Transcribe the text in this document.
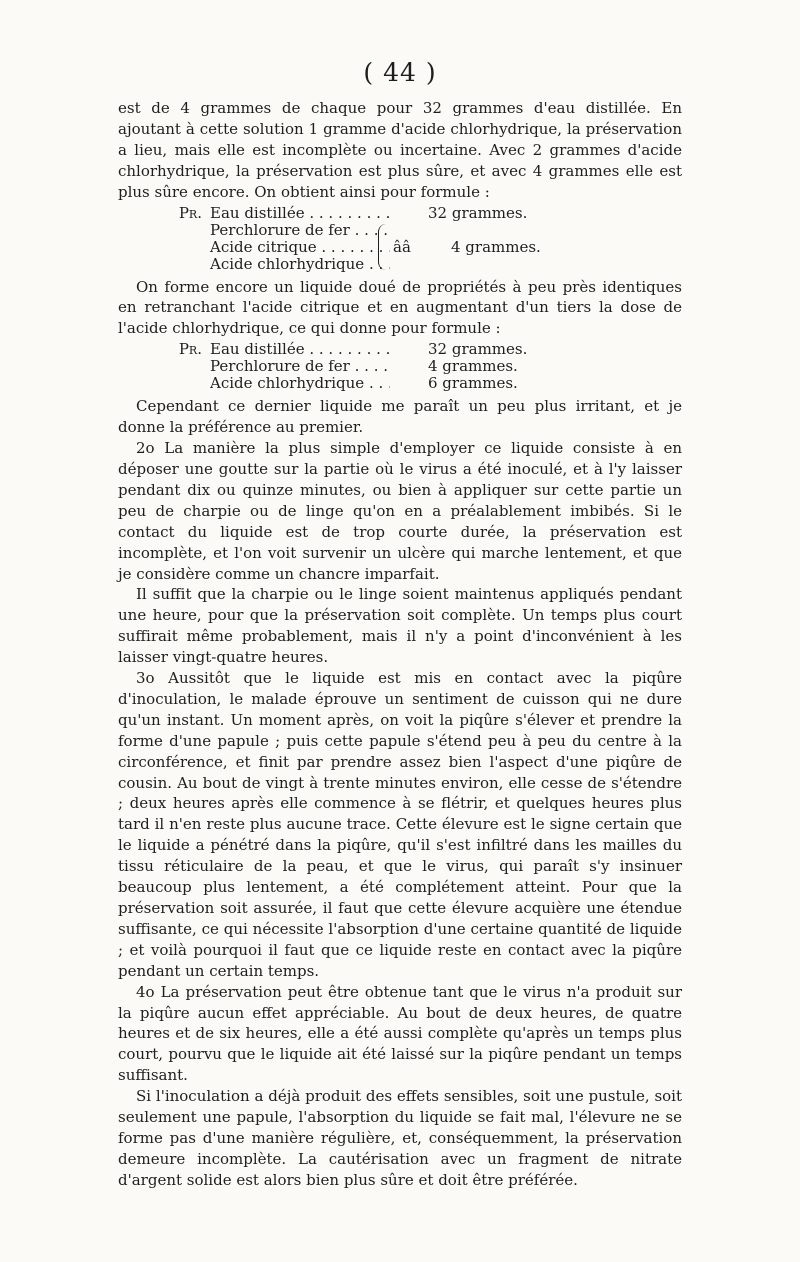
( 44 )

est de 4 grammes de chaque pour 32 grammes d'eau distillée. En ajoutant à cette solution 1 gramme d'acide chlorhydrique, la préservation a lieu, mais elle est incomplète ou incertaine. Avec 2 grammes d'acide chlorhydrique, la préservation est plus sûre, et avec 4 grammes elle est plus sûre encore. On obtient ainsi pour formule :

Pr. Eau distillée . . .	32 grammes.
Perchlorure de fer . . .
Acide citrique . . .
Acide chlorhydrique . . .
ââ	4 grammes.

On forme encore un liquide doué de propriétés à peu près identiques en retranchant l'acide citrique et en augmentant d'un tiers la dose de l'acide chlorhydrique, ce qui donne pour formule :

Pr. Eau distillée . . .	32 grammes.
Perchlorure de fer . . .	4 grammes.
Acide chlorhydrique . . .	6 grammes.

Cependant ce dernier liquide me paraît un peu plus irritant, et je donne la préférence au premier.

2o La manière la plus simple d'employer ce liquide consiste à en déposer une goutte sur la partie où le virus a été inoculé, et à l'y laisser pendant dix ou quinze minutes, ou bien à appliquer sur cette partie un peu de charpie ou de linge qu'on en a préalablement imbibés. Si le contact du liquide est de trop courte durée, la préservation est incomplète, et l'on voit survenir un ulcère qui marche lentement, et que je considère comme un chancre imparfait.

Il suffit que la charpie ou le linge soient maintenus appliqués pendant une heure, pour que la préservation soit complète. Un temps plus court suffirait même probablement, mais il n'y a point d'inconvénient à les laisser vingt-quatre heures.

3o Aussitôt que le liquide est mis en contact avec la piqûre d'inoculation, le malade éprouve un sentiment de cuisson qui ne dure qu'un instant. Un moment après, on voit la piqûre s'élever et prendre la forme d'une papule ; puis cette papule s'étend peu à peu du centre à la circonférence, et finit par prendre assez bien l'aspect d'une piqûre de cousin. Au bout de vingt à trente minutes environ, elle cesse de s'étendre ; deux heures après elle commence à se flétrir, et quelques heures plus tard il n'en reste plus aucune trace. Cette élevure est le signe certain que le liquide a pénétré dans la piqûre, qu'il s'est infiltré dans les mailles du tissu réticulaire de la peau, et que le virus, qui paraît s'y insinuer beaucoup plus lentement, a été complétement atteint. Pour que la préservation soit assurée, il faut que cette élevure acquière une étendue suffisante, ce qui nécessite l'absorption d'une certaine quantité de liquide ; et voilà pourquoi il faut que ce liquide reste en contact avec la piqûre pendant un certain temps.

4o La préservation peut être obtenue tant que le virus n'a produit sur la piqûre aucun effet appréciable. Au bout de deux heures, de quatre heures et de six heures, elle a été aussi complète qu'après un temps plus court, pourvu que le liquide ait été laissé sur la piqûre pendant un temps suffisant.

Si l'inoculation a déjà produit des effets sensibles, soit une pustule, soit seulement une papule, l'absorption du liquide se fait mal, l'élevure ne se forme pas d'une manière régulière, et, conséquemment, la préservation demeure incomplète. La cautérisation avec un fragment de nitrate d'argent solide est alors bien plus sûre et doit être préférée.
